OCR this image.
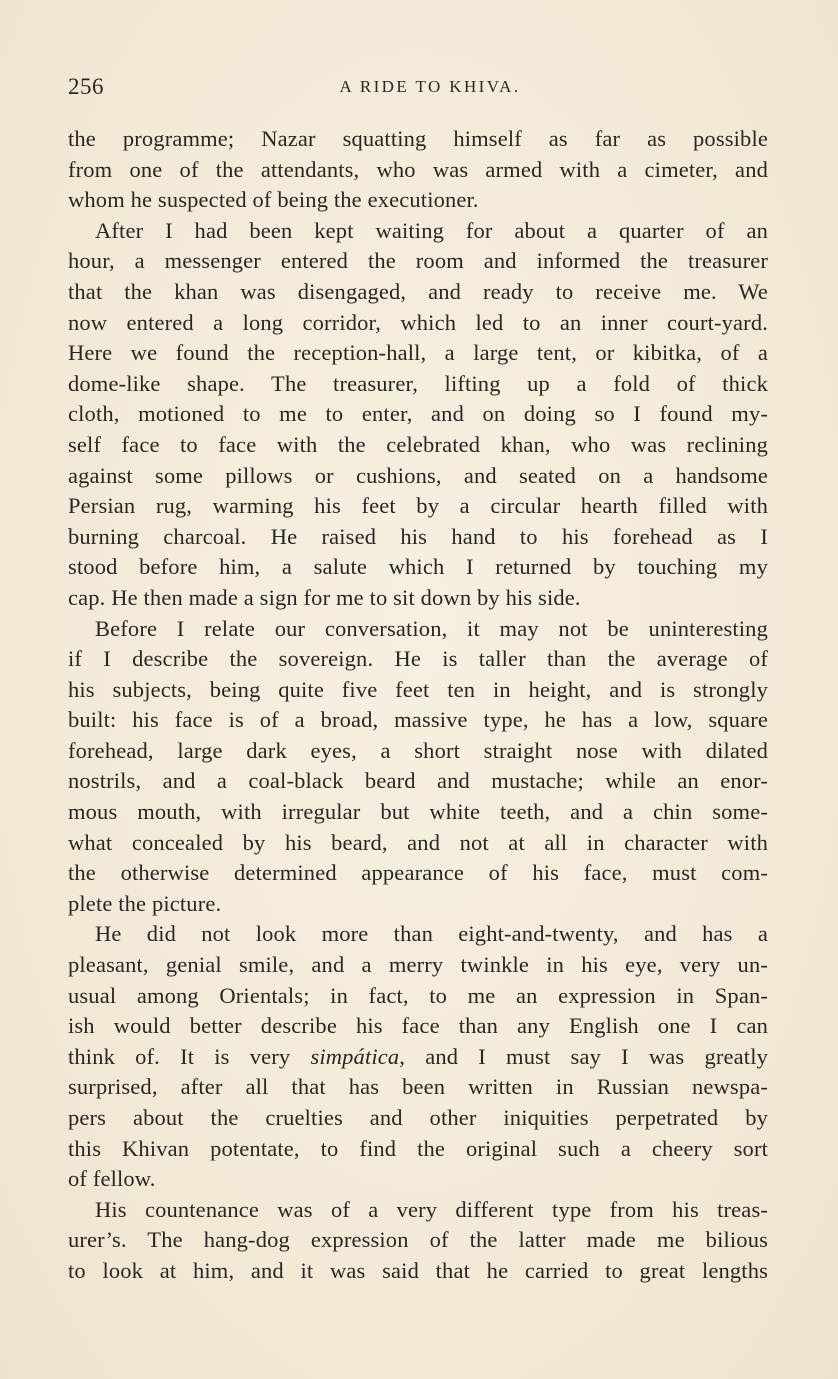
256	A RIDE TO KHIVA.
the programme; Nazar squatting himself as far as possible
from one of the attendants, who was armed with a cimeter, and
whom he suspected of being the executioner.
After I had been kept waiting for about a quarter of an
hour, a messenger entered the room and informed the treasurer
that the khan was disengaged, and ready to receive me. We
now entered a long corridor, which led to an inner court-yard.
Here we found the reception-hall, a large tent, or kibitka, of a
dome-like shape. The treasurer, lifting up a fold of thick
cloth, motioned to me to enter, and on doing so I found my-
self face to face with the celebrated khan, who was reclining
against some pillows or cushions, and seated on a handsome
Persian rug, warming his feet by a circular hearth filled with
burning charcoal. He raised his hand to his forehead as I
stood before him, a salute which I returned by touching my
cap. He then made a sign for me to sit down by his side.
Before I relate our conversation, it may not be uninteresting
if I describe the sovereign. He is taller than the average of
his subjects, being quite five feet ten in height, and is strongly
built: his face is of a broad, massive type, he has a low, square
forehead, large dark eyes, a short straight nose with dilated
nostrils, and a coal-black beard and mustache; while an enor-
mous mouth, with irregular but white teeth, and a chin some-
what concealed by his beard, and not at all in character with
the otherwise determined appearance of his face, must com-
plete the picture.
He did not look more than eight-and-twenty, and has a
pleasant, genial smile, and a merry twinkle in his eye, very un-
usual among Orientals; in fact, to me an expression in Span-
ish would better describe his face than any English one I can
think of. It is very simpática, and I must say I was greatly
surprised, after all that has been written in Russian newspa-
pers about the cruelties and other iniquities perpetrated by
this Khivan potentate, to find the original such a cheery sort
of fellow.
His countenance was of a very different type from his treas-
urer’s. The hang-dog expression of the latter made me bilious
to look at him, and it was said that he carried to great lengths
